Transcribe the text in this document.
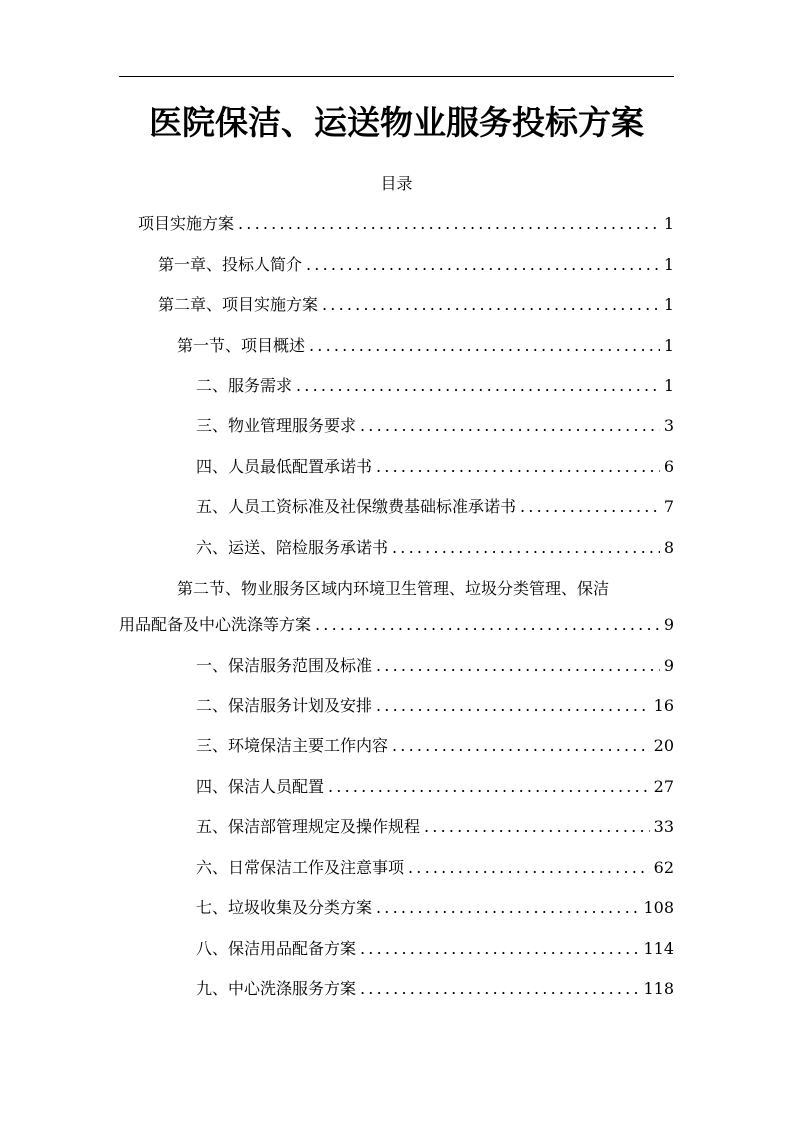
医院保洁、运送物业服务投标方案
目录
项目实施方案 .....	1
第一章、投标人简介 .....	1
第二章、项目实施方案 .....	1
第一节、项目概述 .....	1
二、服务需求 .....	1
三、物业管理服务要求 .....	3
四、人员最低配置承诺书 .....	6
五、人员工资标准及社保缴费基础标准承诺书 .....	7
六、运送、陪检服务承诺书 .....	8
第二节、物业服务区域内环境卫生管理、垃圾分类管理、保洁
用品配备及中心洗涤等方案 .....	9
一、保洁服务范围及标准 .....	9
二、保洁服务计划及安排 .....	16
三、环境保洁主要工作内容 .....	20
四、保洁人员配置 .....	27
五、保洁部管理规定及操作规程 .....	33
六、日常保洁工作及注意事项 .....	62
七、垃圾收集及分类方案 .....	108
八、保洁用品配备方案 .....	114
九、中心洗涤服务方案 .....	118
